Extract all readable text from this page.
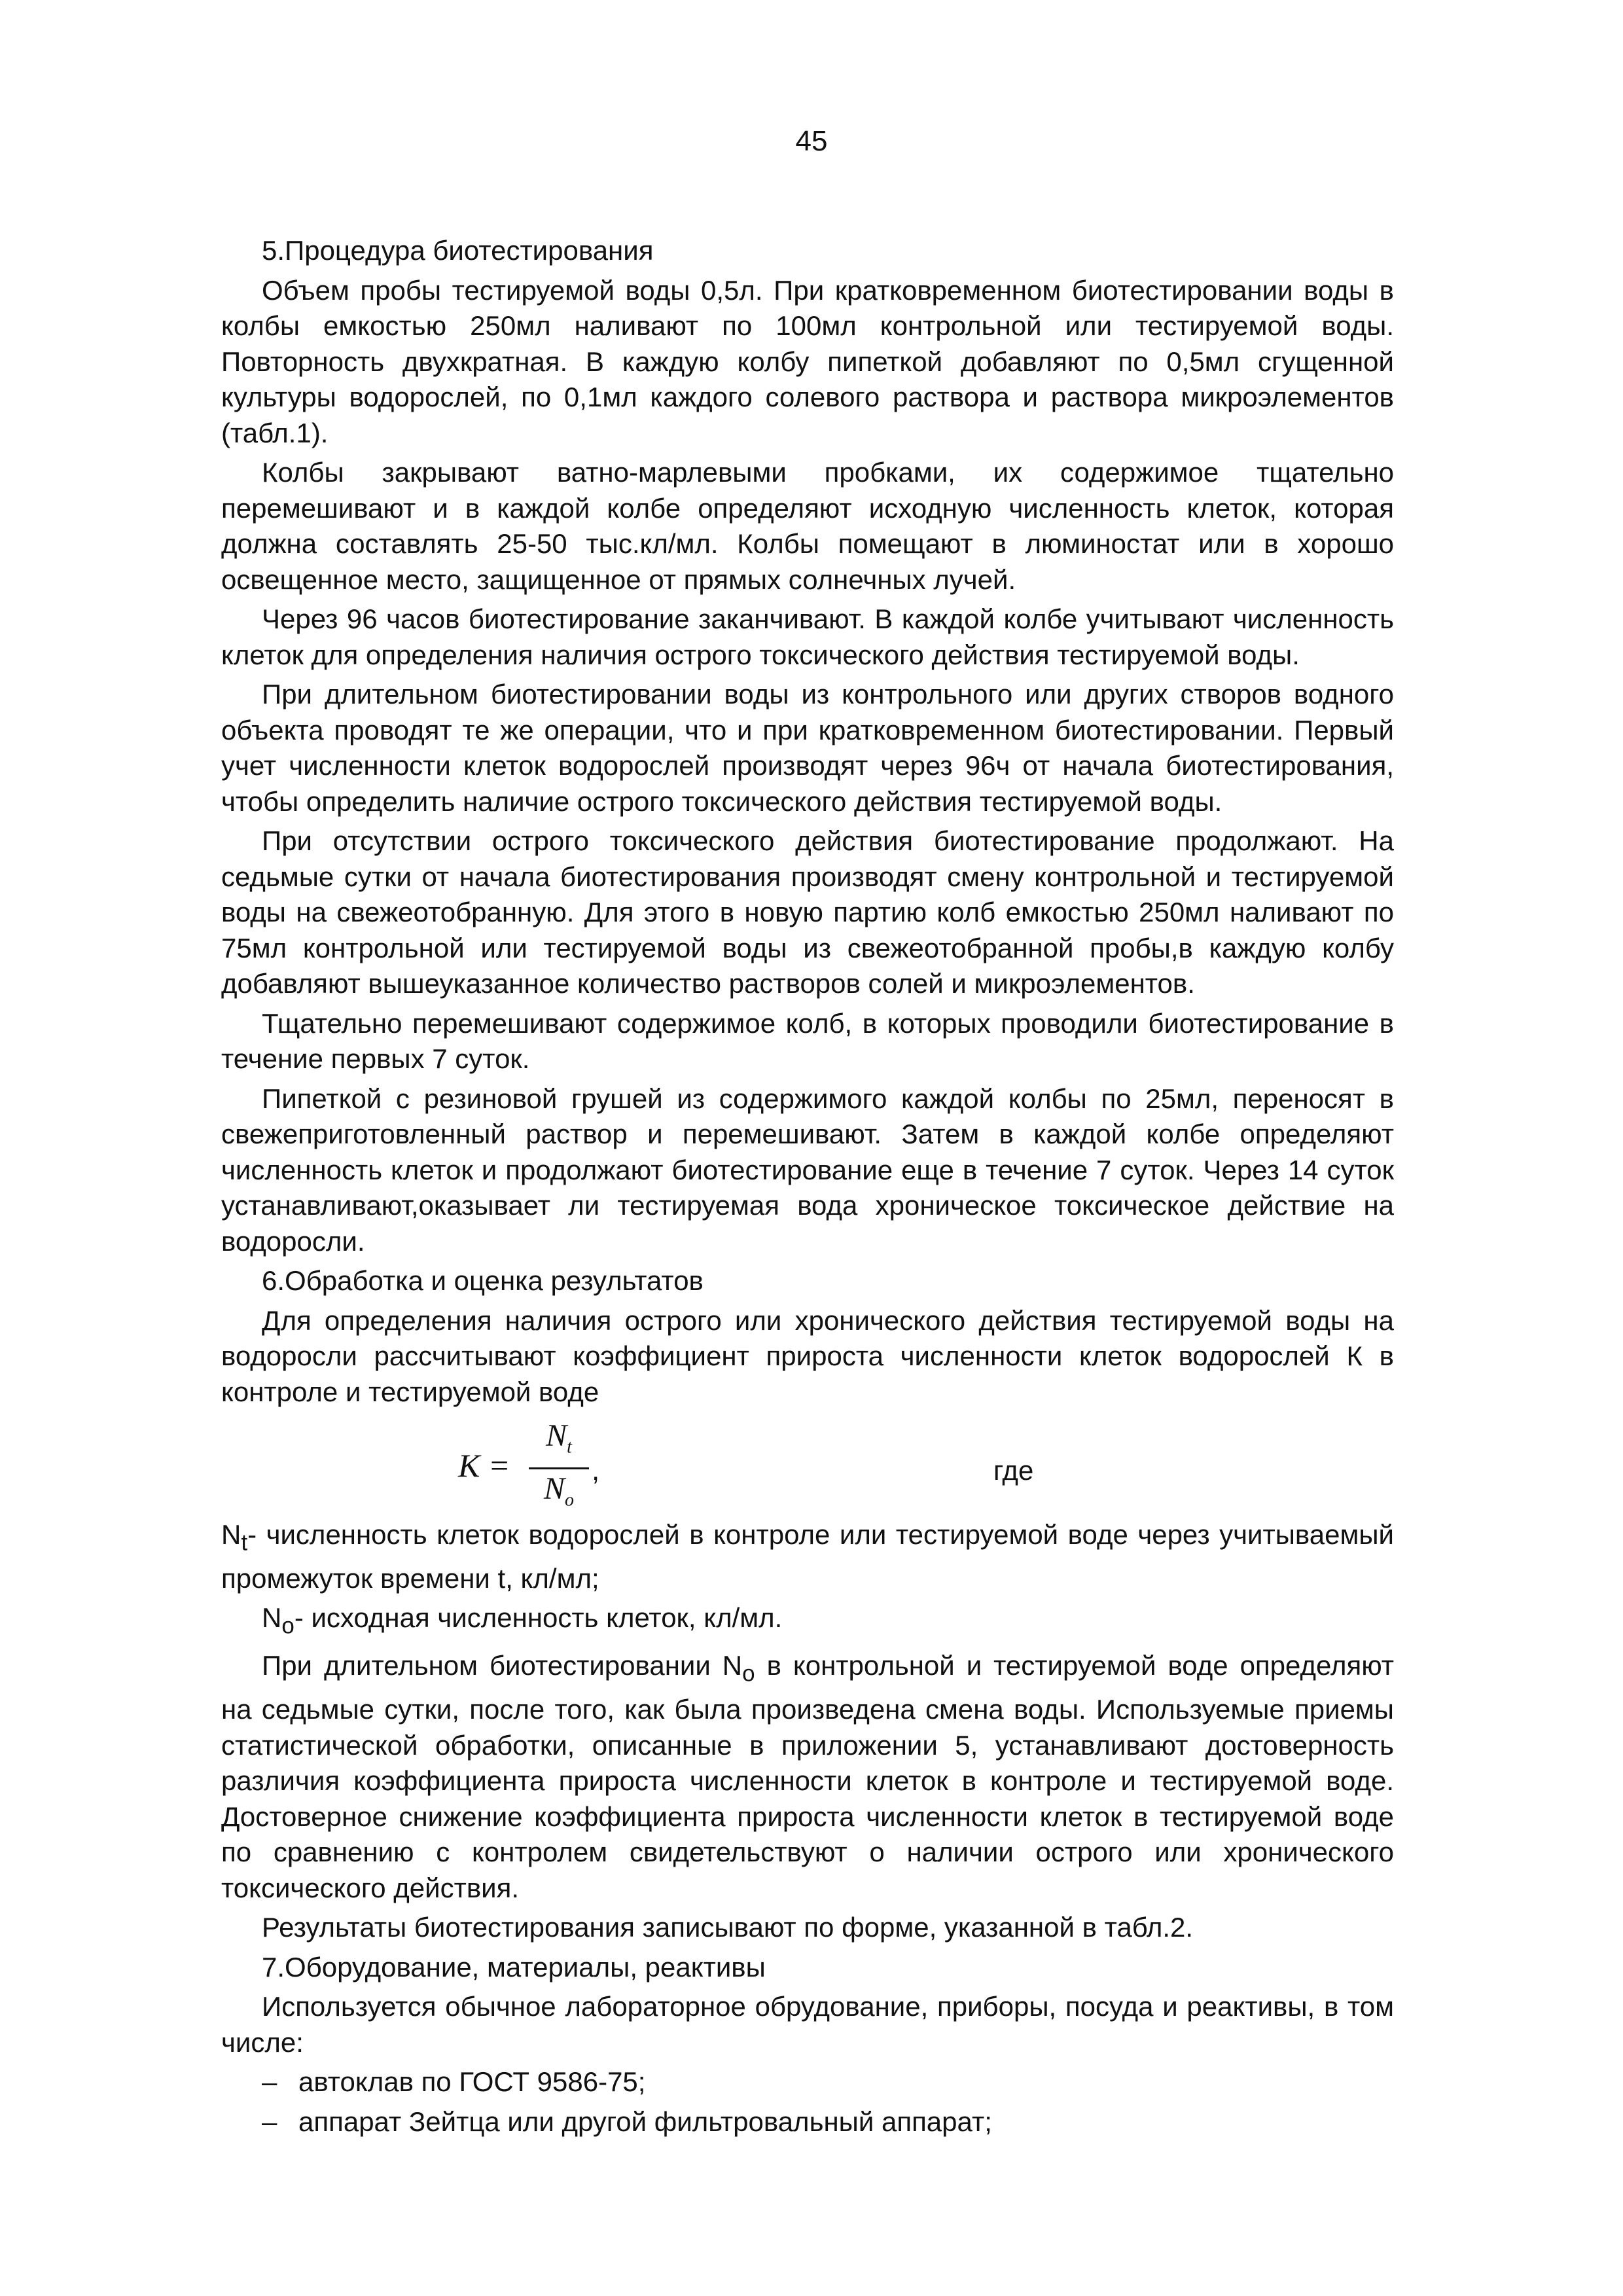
45

5.Процедура биотестирования

Объем пробы тестируемой воды 0,5л. При кратковременном биотестировании воды в колбы емкостью 250мл наливают по 100мл контрольной или тестируемой воды. Повторность двухкратная. В каждую колбу пипеткой добавляют по 0,5мл сгущенной культуры водорослей, по 0,1мл каждого солевого раствора и раствора микроэлементов (табл.1).

Колбы закрывают ватно-марлевыми пробками, их содержимое тщательно перемешивают и в каждой колбе определяют исходную численность клеток, которая должна составлять 25-50 тыс.кл/мл. Колбы помещают в люминостат или в хорошо освещенное место, защищенное от прямых солнечных лучей.

Через 96 часов биотестирование заканчивают. В каждой колбе учитывают численность клеток для определения наличия острого токсического действия тестируемой воды.

При длительном биотестировании воды из контрольного или других створов водного объекта проводят те же операции, что и при кратковременном биотестировании. Первый учет численности клеток водорослей производят через 96ч от начала биотестирования, чтобы определить наличие острого токсического действия тестируемой воды.

При отсутствии острого токсического действия биотестирование продолжают. На седьмые сутки от начала биотестирования производят смену контрольной и тестируемой воды на свежеотобранную. Для этого в новую партию колб емкостью 250мл наливают по 75мл контрольной или тестируемой воды из свежеотобранной пробы,в каждую колбу добавляют вышеуказанное количество растворов солей и микроэлементов.

Тщательно перемешивают содержимое колб, в которых проводили биотестирование в течение первых 7 суток.

Пипеткой с резиновой грушей из содержимого каждой колбы по 25мл, переносят в свежеприготовленный раствор и перемешивают. Затем в каждой колбе определяют численность клеток и продолжают биотестирование еще в течение 7 суток. Через 14 суток устанавливают,оказывает ли тестируемая вода хроническое токсическое действие на водоросли.

6.Обработка и оценка результатов

Для определения наличия острого или хронического действия тестируемой воды на водоросли рассчитывают коэффициент прироста численности клеток водорослей К в контроле и тестируемой воде

$K = \frac{N_t}{N_o}$ ,	где

$N_t-$ численность клеток водорослей в контроле или тестируемой воде через учитываемый промежуток времени t, кл/мл;

$N_o-$ исходная численность клеток, кл/мл.

При длительном биотестировании $N_o$ в контрольной и тестируемой воде определяют на седьмые сутки, после того, как была произведена смена воды. Используемые приемы статистической обработки, описанные в приложении 5, устанавливают достоверность различия коэффициента прироста численности клеток в контроле и тестируемой воде. Достоверное снижение коэффициента прироста численности клеток в тестируемой воде по сравнению с контролем свидетельствуют о наличии острого или хронического токсического действия.

Результаты биотестирования записывают по форме, указанной в табл.2.

7.Оборудование, материалы, реактивы

Используется обычное лабораторное обрудование, приборы, посуда и реактивы, в том числе:

– автоклав по ГОСТ 9586-75;

– аппарат Зейтца или другой фильтровальный аппарат;
